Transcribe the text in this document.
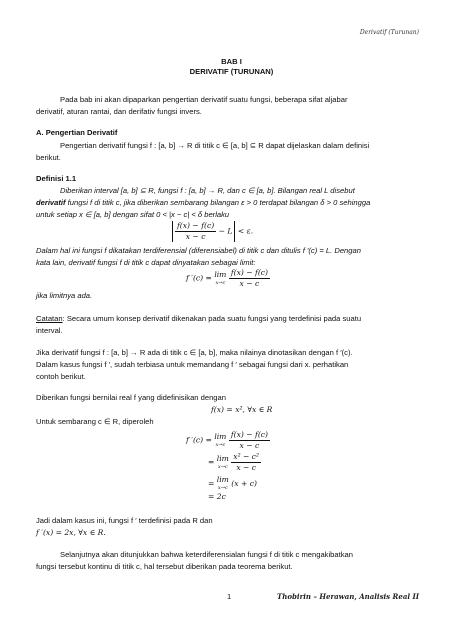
Derivatif (Turunan)
BAB I
DERIVATIF (TURUNAN)
Pada bab ini akan dipaparkan pengertian derivatif suatu fungsi, beberapa sifat aljabar
derivatif, aturan rantai, dan derifativ fungsi invers.
A. Pengertian Derivatif
Pengertian derivatif fungsi f : [a, b] → R di titik c ∈ [a, b] ⊆ R dapat dijelaskan dalam definisi
berikut.
Definisi 1.1
Diberikan interval [a, b] ⊆ R, fungsi f : [a, b] → R, dan c ∈ [a, b]. Bilangan real L disebut
derivatif fungsi f di titik c, jika diberikan sembarang bilangan ε > 0 terdapat bilangan δ > 0 sehingga
untuk setiap x ∈ [a, b] dengan sifat 0 < |x − c| < δ berlaku
$\frac{f(x) - f(c)}{x - c} - L < \varepsilon$.
Dalam hal ini fungsi f dikatakan terdiferensial (diferensiabel) di titik c dan ditulis f ′(c) = L. Dengan
kata lain, derivatif fungsi f di titik c dapat dinyatakan sebagai limit:
f ′(c) = lim
x→c
$\frac{f(x) - f(c)}{x - c}$
jika limitnya ada.
Catatan: Secara umum konsep derivatif dikenakan pada suatu fungsi yang terdefinisi pada suatu
interval.
Jika derivatif fungsi f : [a, b] → R ada di titik c ∈ [a, b], maka nilainya dinotasikan dengan f ′(c).
Dalam kasus fungsi f ′, sudah terbiasa untuk memandang f ′ sebagai fungsi dari x. perhatikan
contoh berikut.
Diberikan fungsi bernilai real f yang didefinisikan dengan
f(x) = x², ∀x ∈ R
Untuk sembarang c ∈ R, diperoleh
f ′(c) = lim
x→c
$\frac{f(x) - f(c)}{x - c}$
= lim
x→c
$\frac{\text{x² − c²}}{x - c}$
= lim
x→c (x + c)
= 2c
Jadi dalam kasus ini, fungsi f ′ terdefinisi pada R dan
f ′(x) = 2x, ∀x ∈ R.
Selanjutnya akan ditunjukkan bahwa keterdiferensialan fungsi f di titik c mengakibatkan
fungsi tersebut kontinu di titik c, hal tersebut diberikan pada teorema berikut.
1	Thobirin – Herawan, Analisis Real II
